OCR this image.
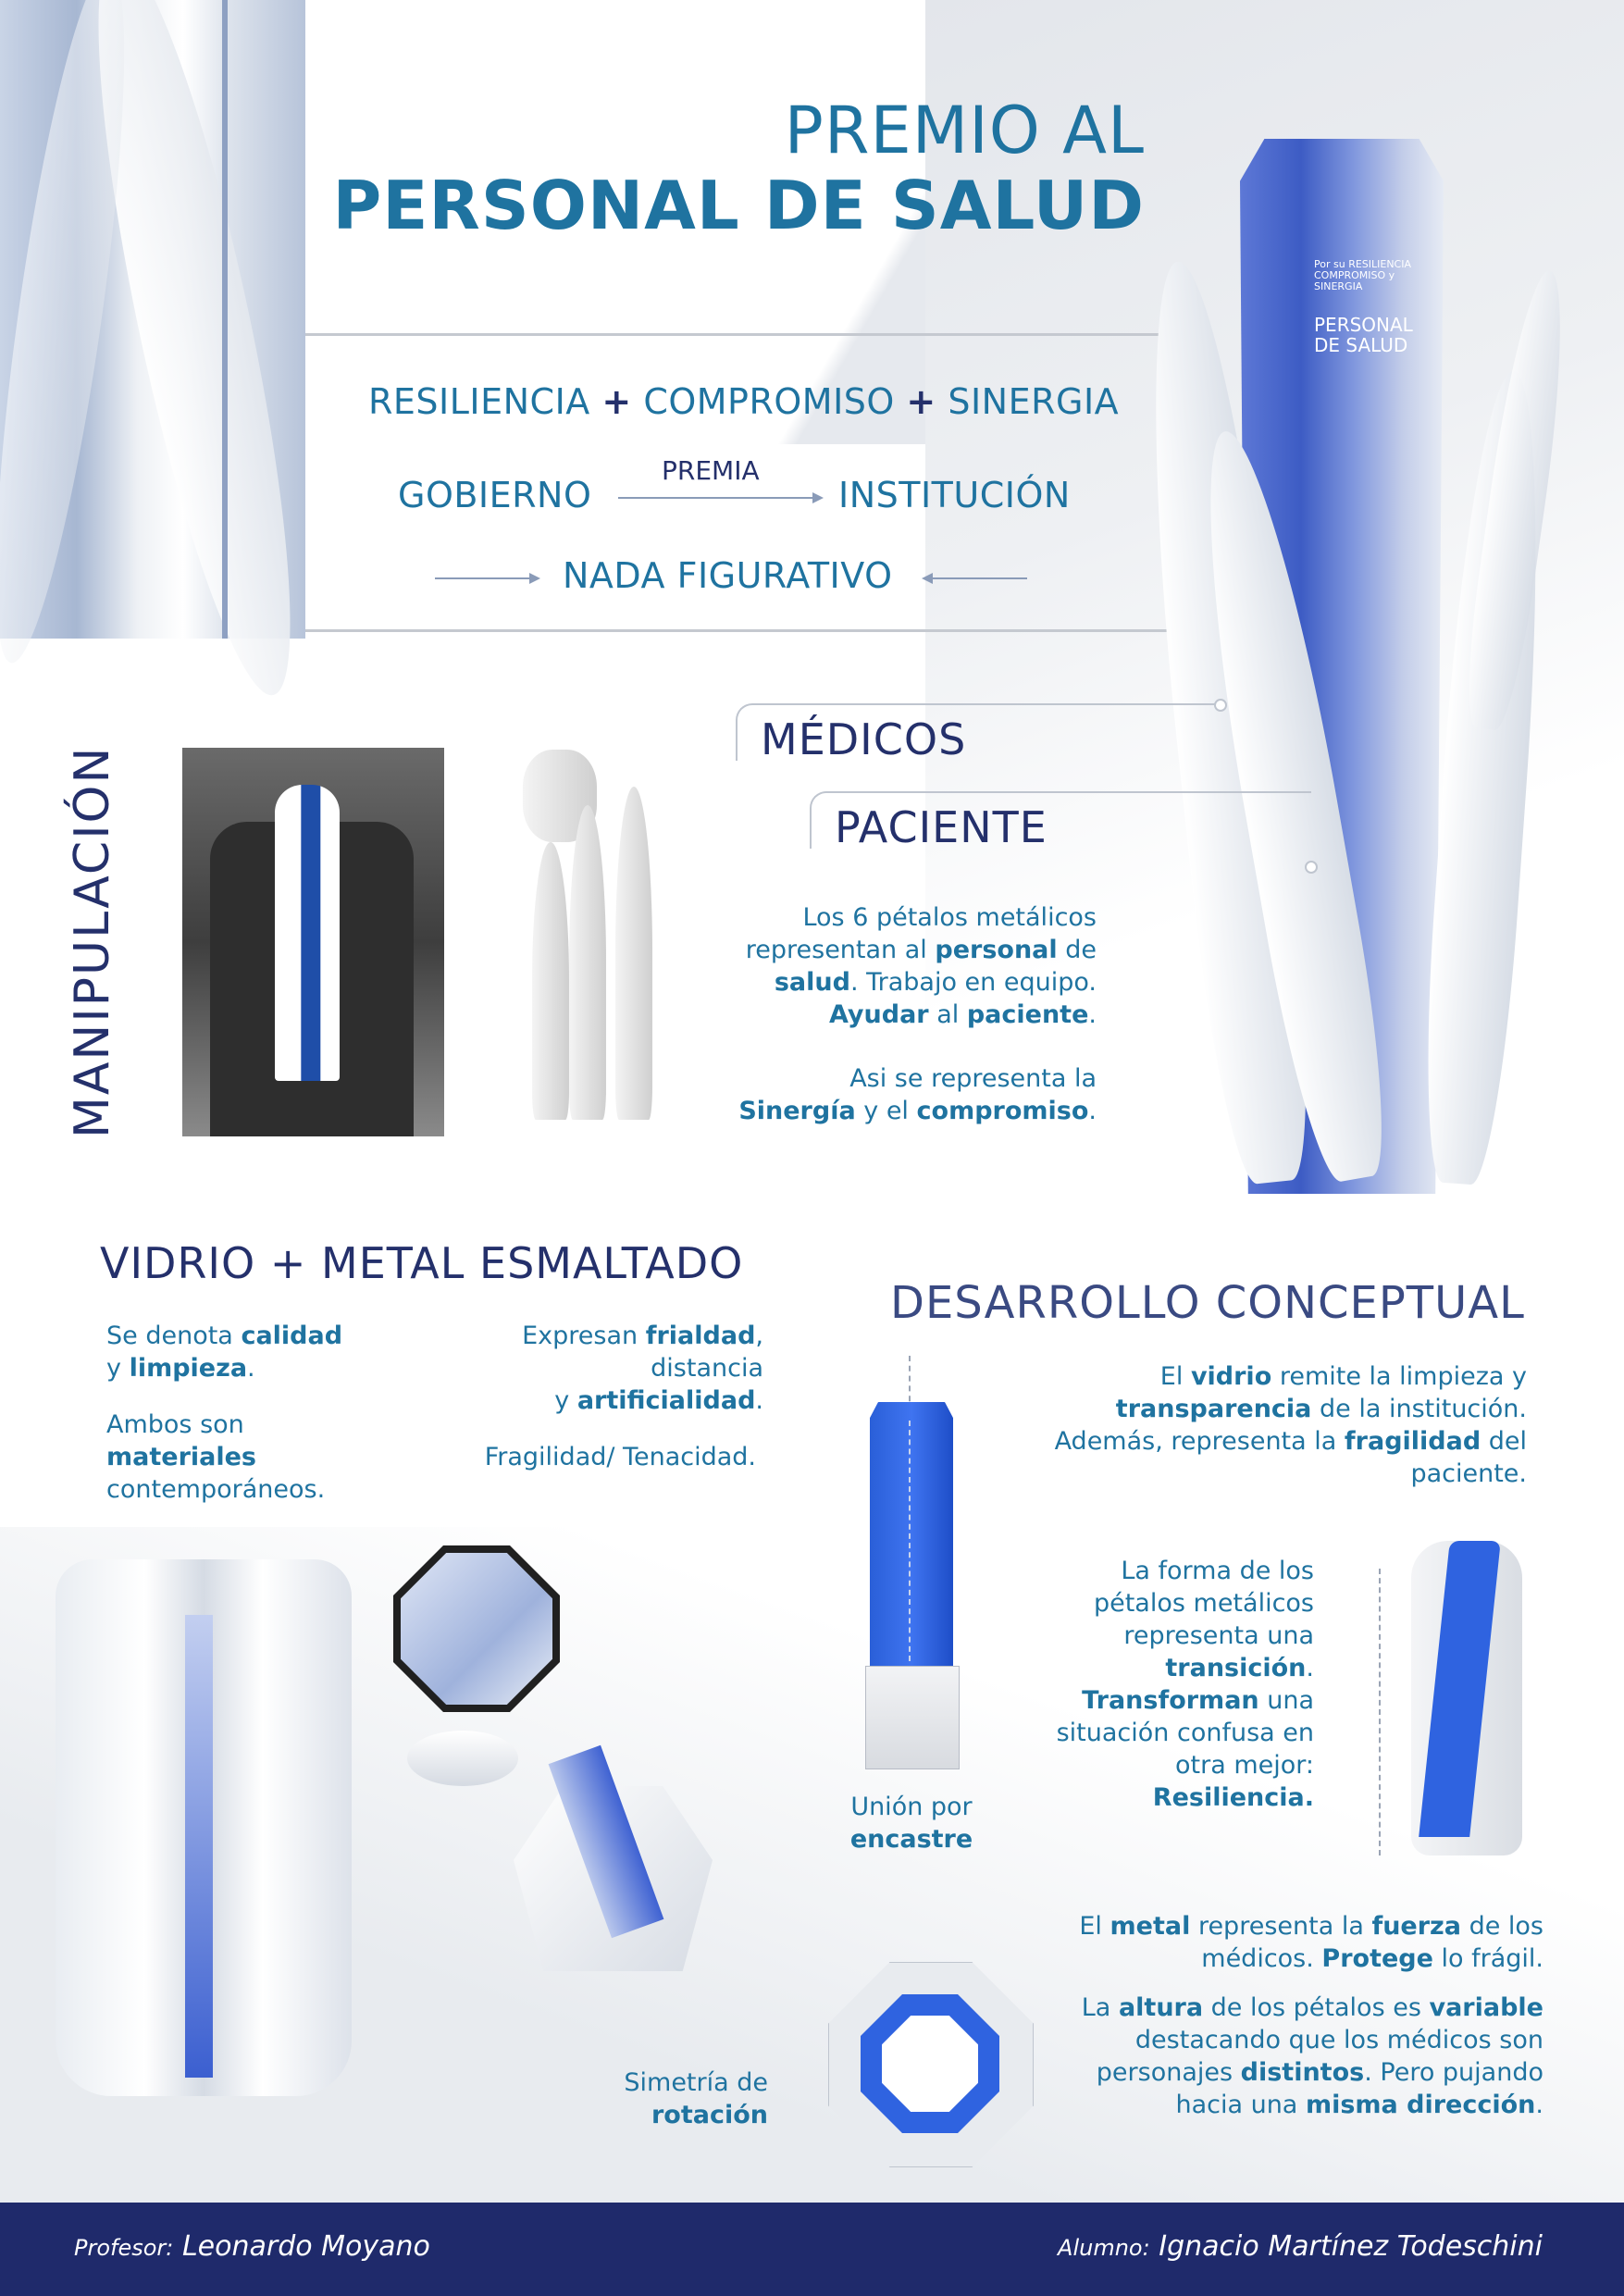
PREMIO AL
PERSONAL DE SALUD
RESILIENCIA + COMPROMISO + SINERGIA
GOBIERNO
PREMIA
INSTITUCIÓN
NADA FIGURATIVO
Por su RESILIENCIA
COMPROMISO y
SINERGIA
PERSONAL
DE SALUD
MANIPULACIÓN
MÉDICOS
PACIENTE
Los 6 pétalos metálicos
representan al personal de
salud. Trabajo en equipo.
Ayudar al paciente.
Asi se representa la
Sinergía y el compromiso.
VIDRIO + METAL ESMALTADO
Se denota calidad
y limpieza.
Ambos son
materiales
contemporáneos.
Expresan frialdad,
distancia
y artificialidad.
Fragilidad/ Tenacidad.
DESARROLLO CONCEPTUAL
El vidrio remite la limpieza y
transparencia de la institución.
Además, representa la fragilidad del
paciente.
Unión por
encastre
La forma de los
pétalos metálicos
representa una
transición.
Transforman una
situación confusa en
otra mejor:
Resiliencia.
El metal representa la fuerza de los
médicos. Protege lo frágil.
La altura de los pétalos es variable
destacando que los médicos son
personajes distintos. Pero pujando
hacia una misma dirección.
Simetría de
rotación
Profesor: Leonardo Moyano	Alumno: Ignacio Martínez Todeschini
